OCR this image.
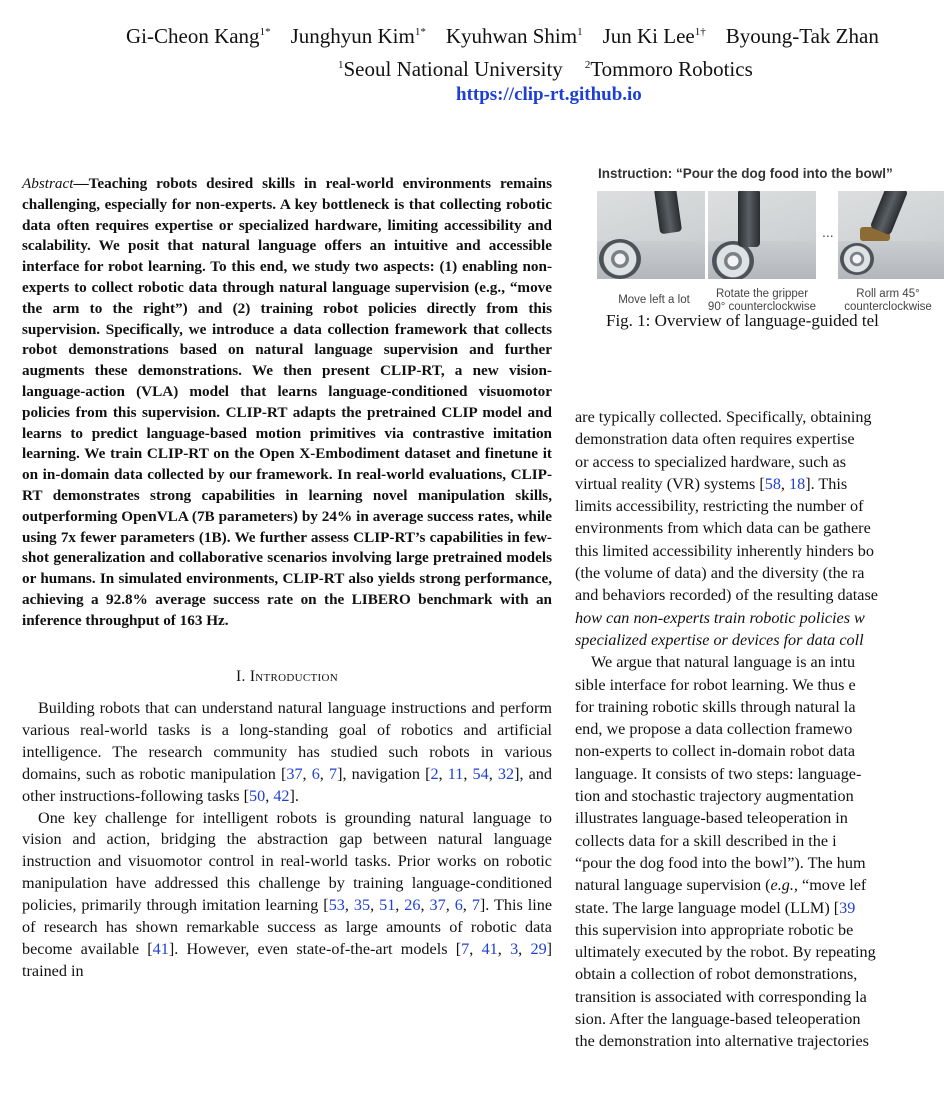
Gi-Cheon Kang$^{1*}$ Junghyun Kim$^{1*}$ Kyuhwan Shim$^1$ Jun Ki Lee$^{1\dagger}$ Byoung-Tak Zhan
$^1$Seoul National University $^2$Tommoro Robotics
https://clip-rt.github.io
Abstract—Teaching robots desired skills in real-world environments remains challenging, especially for non-experts. A key bottleneck is that collecting robotic data often requires expertise or specialized hardware, limiting accessibility and scalability. We posit that natural language offers an intuitive and accessible interface for robot learning. To this end, we study two aspects: (1) enabling non-experts to collect robotic data through natural language supervision (e.g., “move the arm to the right”) and (2) training robot policies directly from this supervision. Specifically, we introduce a data collection framework that collects robot demonstrations based on natural language supervision and further augments these demonstrations. We then present CLIP-RT, a new vision-language-action (VLA) model that learns language-conditioned visuomotor policies from this supervision. CLIP-RT adapts the pretrained CLIP model and learns to predict language-based motion primitives via contrastive imitation learning. We train CLIP-RT on the Open X-Embodiment dataset and finetune it on in-domain data collected by our framework. In real-world evaluations, CLIP-RT demonstrates strong capabilities in learning novel manipulation skills, outperforming OpenVLA (7B parameters) by 24% in average success rates, while using 7x fewer parameters (1B). We further assess CLIP-RT’s capabilities in few-shot generalization and collaborative scenarios involving large pretrained models or humans. In simulated environments, CLIP-RT also yields strong performance, achieving a 92.8% average success rate on the LIBERO benchmark with an inference throughput of 163 Hz.
I. Introduction

Building robots that can understand natural language instructions and perform various real-world tasks is a long-standing goal of robotics and artificial intelligence. The research community has studied such robots in various domains, such as robotic manipulation [37, 6, 7], navigation [2, 11, 54, 32], and other instructions-following tasks [50, 42].

One key challenge for intelligent robots is grounding natural language to vision and action, bridging the abstraction gap between natural language instruction and visuomotor control in real-world tasks. Prior works on robotic manipulation have addressed this challenge by training language-conditioned policies, primarily through imitation learning [53, 35, 51, 26, 37, 6, 7]. This line of research has shown remarkable success as large amounts of robotic data become available [41]. However, even state-of-the-art models [7, 41, 3, 29] trained in

Instruction: “Pour the dog food into the bowl”
...
Move left a lot	Rotate the gripper
90° counterclockwise
Roll arm 45°
counterclockwise
Fig. 1: Overview of language-guided tel
are typically collected. Specifically, obtaining
demonstration data often requires expertise
or access to specialized hardware, such as
virtual reality (VR) systems [58, 18]. This
limits accessibility, restricting the number of
environments from which data can be gathere
this limited accessibility inherently hinders bo
(the volume of data) and the diversity (the ra
and behaviors recorded) of the resulting datase
how can non-experts train robotic policies w
specialized expertise or devices for data coll
We argue that natural language is an intu
sible interface for robot learning. We thus e
for training robotic skills through natural la
end, we propose a data collection framewo
non-experts to collect in-domain robot data
language. It consists of two steps: language-
tion and stochastic trajectory augmentation
illustrates language-based teleoperation in
collects data for a skill described in the i
“pour the dog food into the bowl”). The hum
natural language supervision (e.g., “move lef
state. The large language model (LLM) [39
this supervision into appropriate robotic be
ultimately executed by the robot. By repeating
obtain a collection of robot demonstrations,
transition is associated with corresponding la
sion. After the language-based teleoperation
the demonstration into alternative trajectories
